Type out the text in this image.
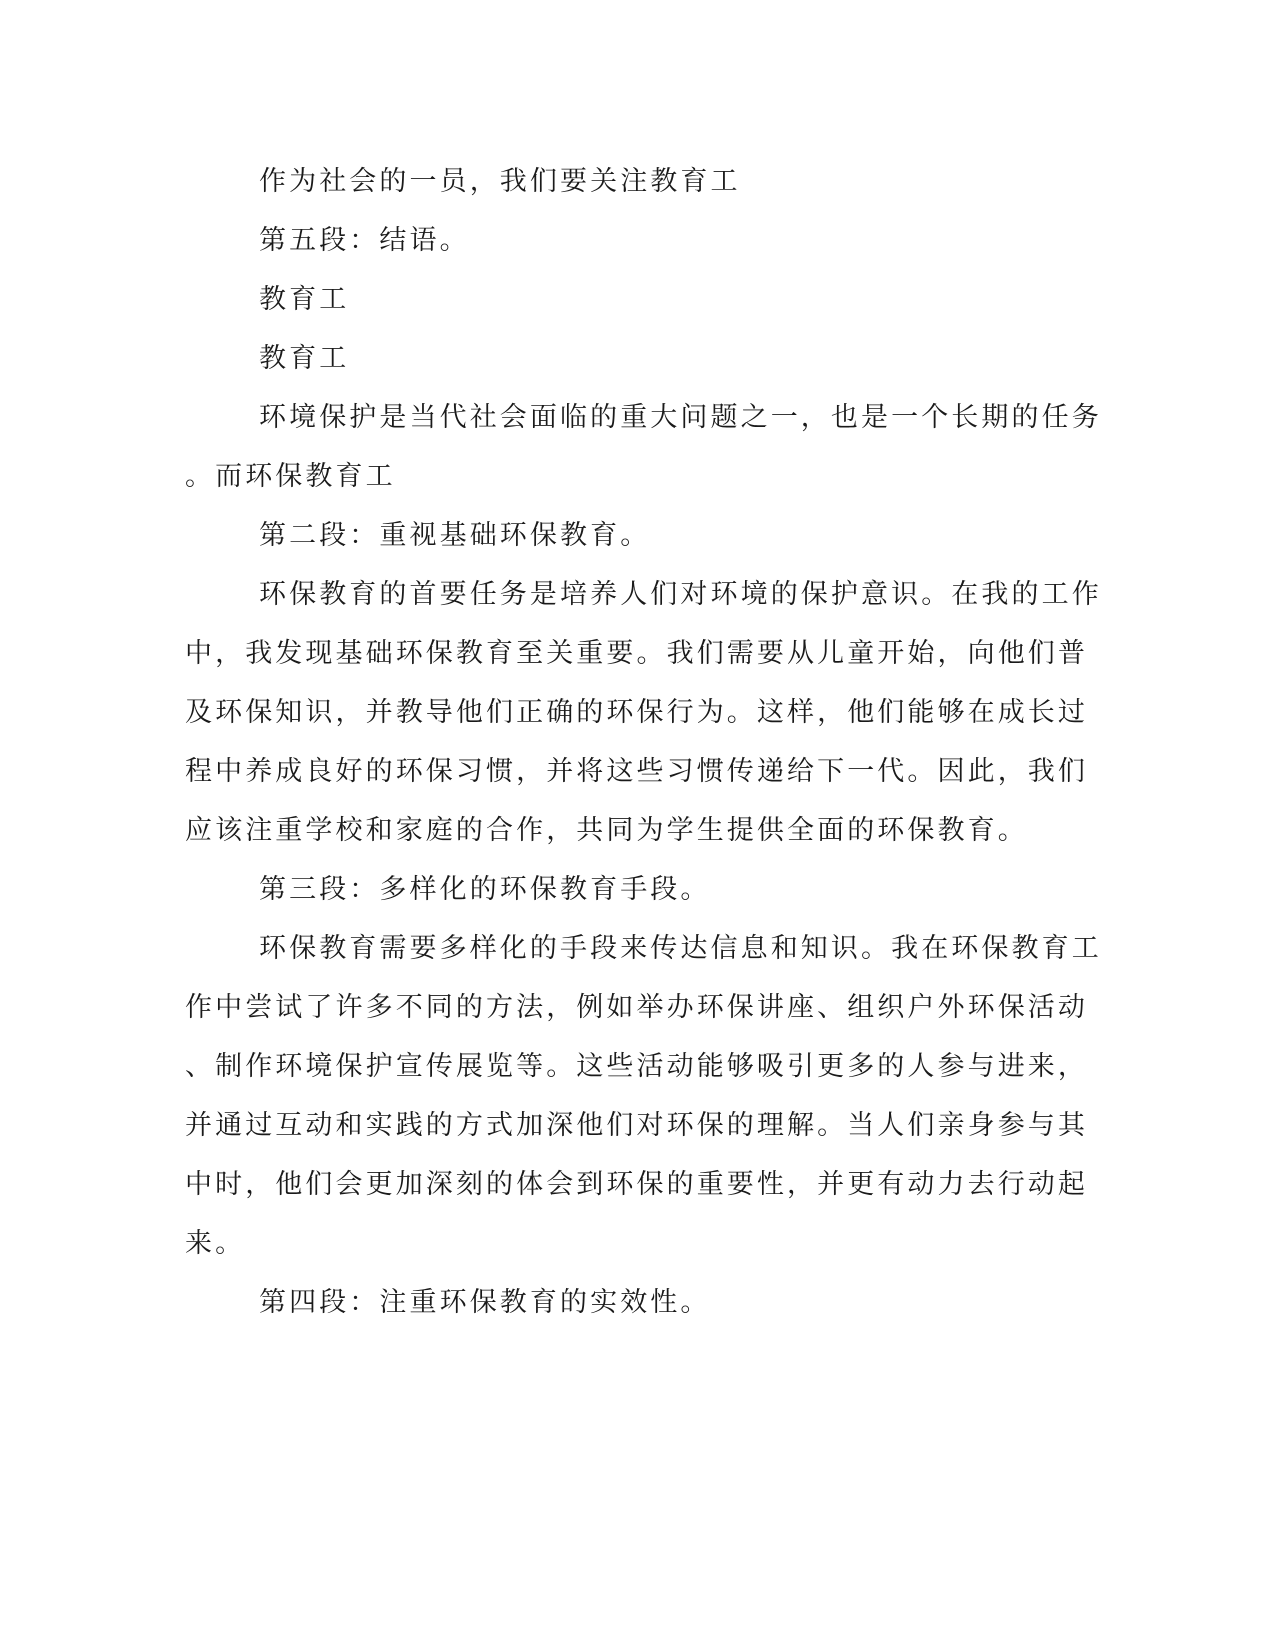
作为社会的一员，我们要关注教育工
第五段：结语。
教育工
教育工
环境保护是当代社会面临的重大问题之一，也是一个长期的任务
。而环保教育工
第二段：重视基础环保教育。
环保教育的首要任务是培养人们对环境的保护意识。在我的工作
中，我发现基础环保教育至关重要。我们需要从儿童开始，向他们普
及环保知识，并教导他们正确的环保行为。这样，他们能够在成长过
程中养成良好的环保习惯，并将这些习惯传递给下一代。因此，我们
应该注重学校和家庭的合作，共同为学生提供全面的环保教育。
第三段：多样化的环保教育手段。
环保教育需要多样化的手段来传达信息和知识。我在环保教育工
作中尝试了许多不同的方法，例如举办环保讲座、组织户外环保活动
、制作环境保护宣传展览等。这些活动能够吸引更多的人参与进来，
并通过互动和实践的方式加深他们对环保的理解。当人们亲身参与其
中时，他们会更加深刻的体会到环保的重要性，并更有动力去行动起
来。
第四段：注重环保教育的实效性。
